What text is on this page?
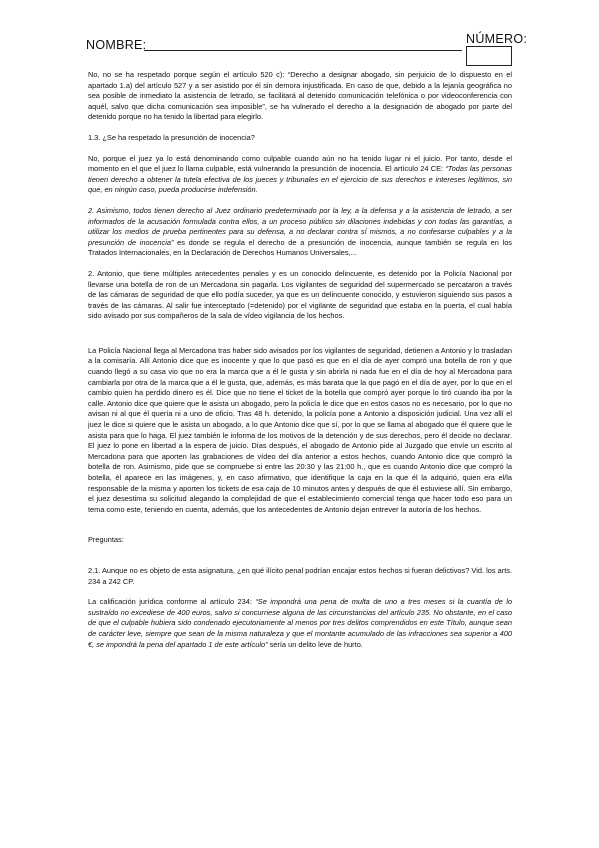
NOMBRE:	NÚMERO:

No, no se ha respetado porque según el artículo 520 c): “Derecho a designar abogado, sin perjuicio de lo dispuesto en el apartado 1.a) del artículo 527 y a ser asistido por él sin demora injustificada. En caso de que, debido a la lejanía geográfica no sea posible de inmediato la asistencia de letrado, se facilitará al detenido comunicación telefónica o por videoconferencia con aquél, salvo que dicha comunicación sea imposible”, se ha vulnerado el derecho a la designación de abogado por parte del detenido porque no ha tenido la libertad para elegirlo.

1.3. ¿Se ha respetado la presunción de inocencia?

No, porque el juez ya lo está denominando como culpable cuando aún no ha tenido lugar ni el juicio. Por tanto, desde el momento en el que el juez lo llama culpable, está vulnerando la presunción de inocencia. El artículo 24 CE: “Todas las personas tienen derecho a obtener la tutela efectiva de los jueces y tribunales en el ejercicio de sus derechos e intereses legítimos, sin que, en ningún caso, pueda producirse indefensión.

2. Asimismo, todos tienen derecho al Juez ordinario predeterminado por la ley, a la defensa y a la asistencia de letrado, a ser informados de la acusación formulada contra ellos, a un proceso público sin dilaciones indebidas y con todas las garantías, a utilizar los medios de prueba pertinentes para su defensa, a no declarar contra sí mismos, a no confesarse culpables y a la presunción de inocencia” es donde se regula el derecho de a presunción de inocencia, aunque también se regula en los Tratados Internacionales, en la Declaración de Derechos Humanos Universales,...

2. Antonio, que tiene múltiples antecedentes penales y es un conocido delincuente, es detenido por la Policía Nacional por llevarse una botella de ron de un Mercadona sin pagarla. Los vigilantes de seguridad del supermercado se percataron a través de las cámaras de seguridad de que ello podía suceder, ya que es un delincuente conocido, y estuvieron siguiendo sus pasos a través de las cámaras. Al salir fue interceptado (=detenido) por el vigilante de seguridad que estaba en la puerta, el cual había sido avisado por sus compañeros de la sala de vídeo vigilancia de los hechos.

La Policía Nacional llega al Mercadona tras haber sido avisados por los vigilantes de seguridad, detienen a Antonio y lo trasladan a la comisaría. Allí Antonio dice que es inocente y que lo que pasó es que en el día de ayer compró una botella de ron y que cuando llegó a su casa vio que no era la marca que a él le gusta y sin abrirla ni nada fue en el día de hoy al Mercadona para cambiarla por otra de la marca que a él le gusta, que, además, es más barata que la que pagó en el día de ayer, por lo que en el cambio quien ha perdido dinero es él. Dice que no tiene el ticket de la botella que compró ayer porque lo tiró cuando iba por la calle. Antonio dice que quiere que le asista un abogado, pero la policía le dice que en estos casos no es necesario, por lo que no avisan ni al que él quería ni a uno de oficio. Tras 48 h. detenido, la policía pone a Antonio a disposición judicial. Una vez allí el juez le dice si quiere que le asista un abogado, a lo que Antonio dice que sí, por lo que se llama al abogado que él quiere que le asista para que lo haga. El juez también le informa de los motivos de la detención y de sus derechos, pero él decide no declarar. El juez lo pone en libertad a la espera de juicio. Días después, el abogado de Antonio pide al Juzgado que envíe un escrito al Mercadona para que aporten las grabaciones de vídeo del día anterior a estos hechos, cuando Antonio dice que compró la botella de ron. Asimismo, pide que se compruebe si entre las 20:30 y las 21:00 h., que es cuando Antonio dice que compró la botella, él aparece en las imágenes, y, en caso afirmativo, que identifique la caja en la que él la adquirió, quien era el/la responsable de la misma y aporten los tickets de esa caja de 10 minutos antes y después de que él estuviese allí. Sin embargo, el juez desestima su solicitud alegando la complejidad de que el establecimiento comercial tenga que hacer todo eso para un tema como este, teniendo en cuenta, además, que los antecedentes de Antonio dejan entrever la autoría de los hechos.

Preguntas:

2.1. Aunque no es objeto de esta asignatura, ¿en qué ilícito penal podrían encajar estos hechos si fueran delictivos? Vid. los arts. 234 a 242 CP.

La calificación jurídica conforme al artículo 234: “Se impondrá una pena de multa de uno a tres meses si la cuantía de lo sustraído no excediese de 400 euros, salvo si concurriese alguna de las circunstancias del artículo 235. No obstante, en el caso de que el culpable hubiera sido condenado ejecutoriamente al menos por tres delitos comprendidos en este Título, aunque sean de carácter leve, siempre que sean de la misma naturaleza y que el montante acumulado de las infracciones sea superior a 400 €, se impondrá la pena del apartado 1 de este artículo” sería un delito leve de hurto.
